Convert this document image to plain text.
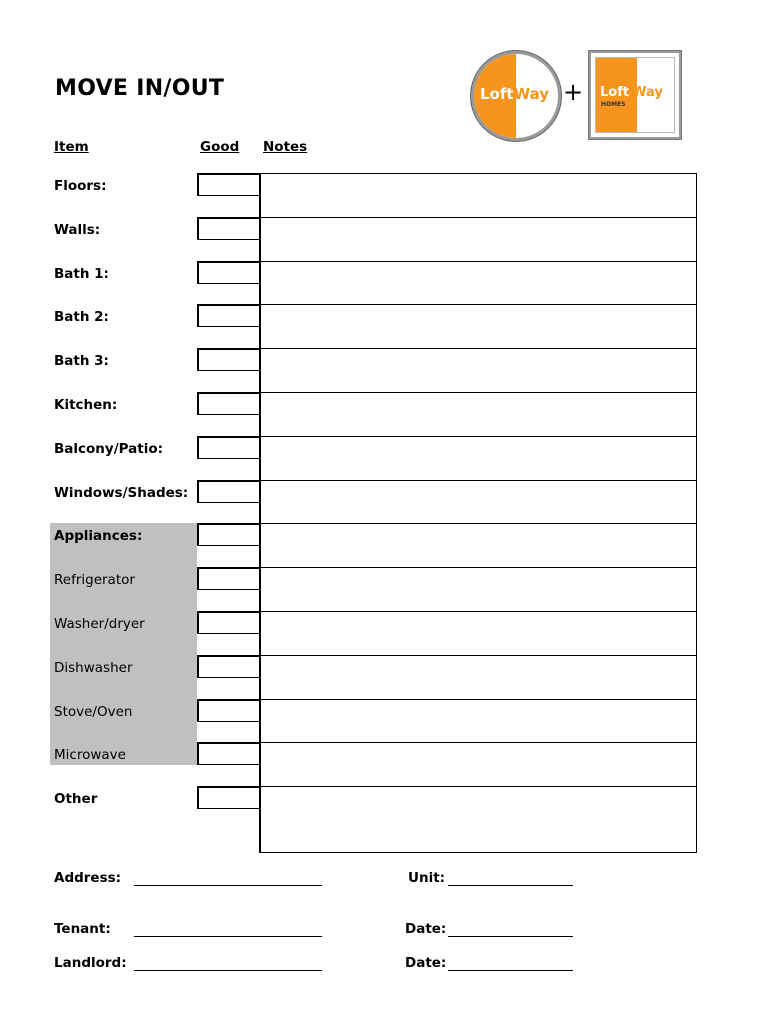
MOVE IN/OUT	LoftWay + Loft Way
HOMES
Item	Good Notes
Floors:
Walls:
Bath 1:
Bath 2:
Bath 3:
Kitchen:
Balcony/Patio:
Windows/Shades:
Appliances:
Refrigerator
Washer/dryer
Dishwasher
Stove/Oven
Microwave
Other
Address:	Unit:
Tenant:	Date:
Landlord:	Date:
